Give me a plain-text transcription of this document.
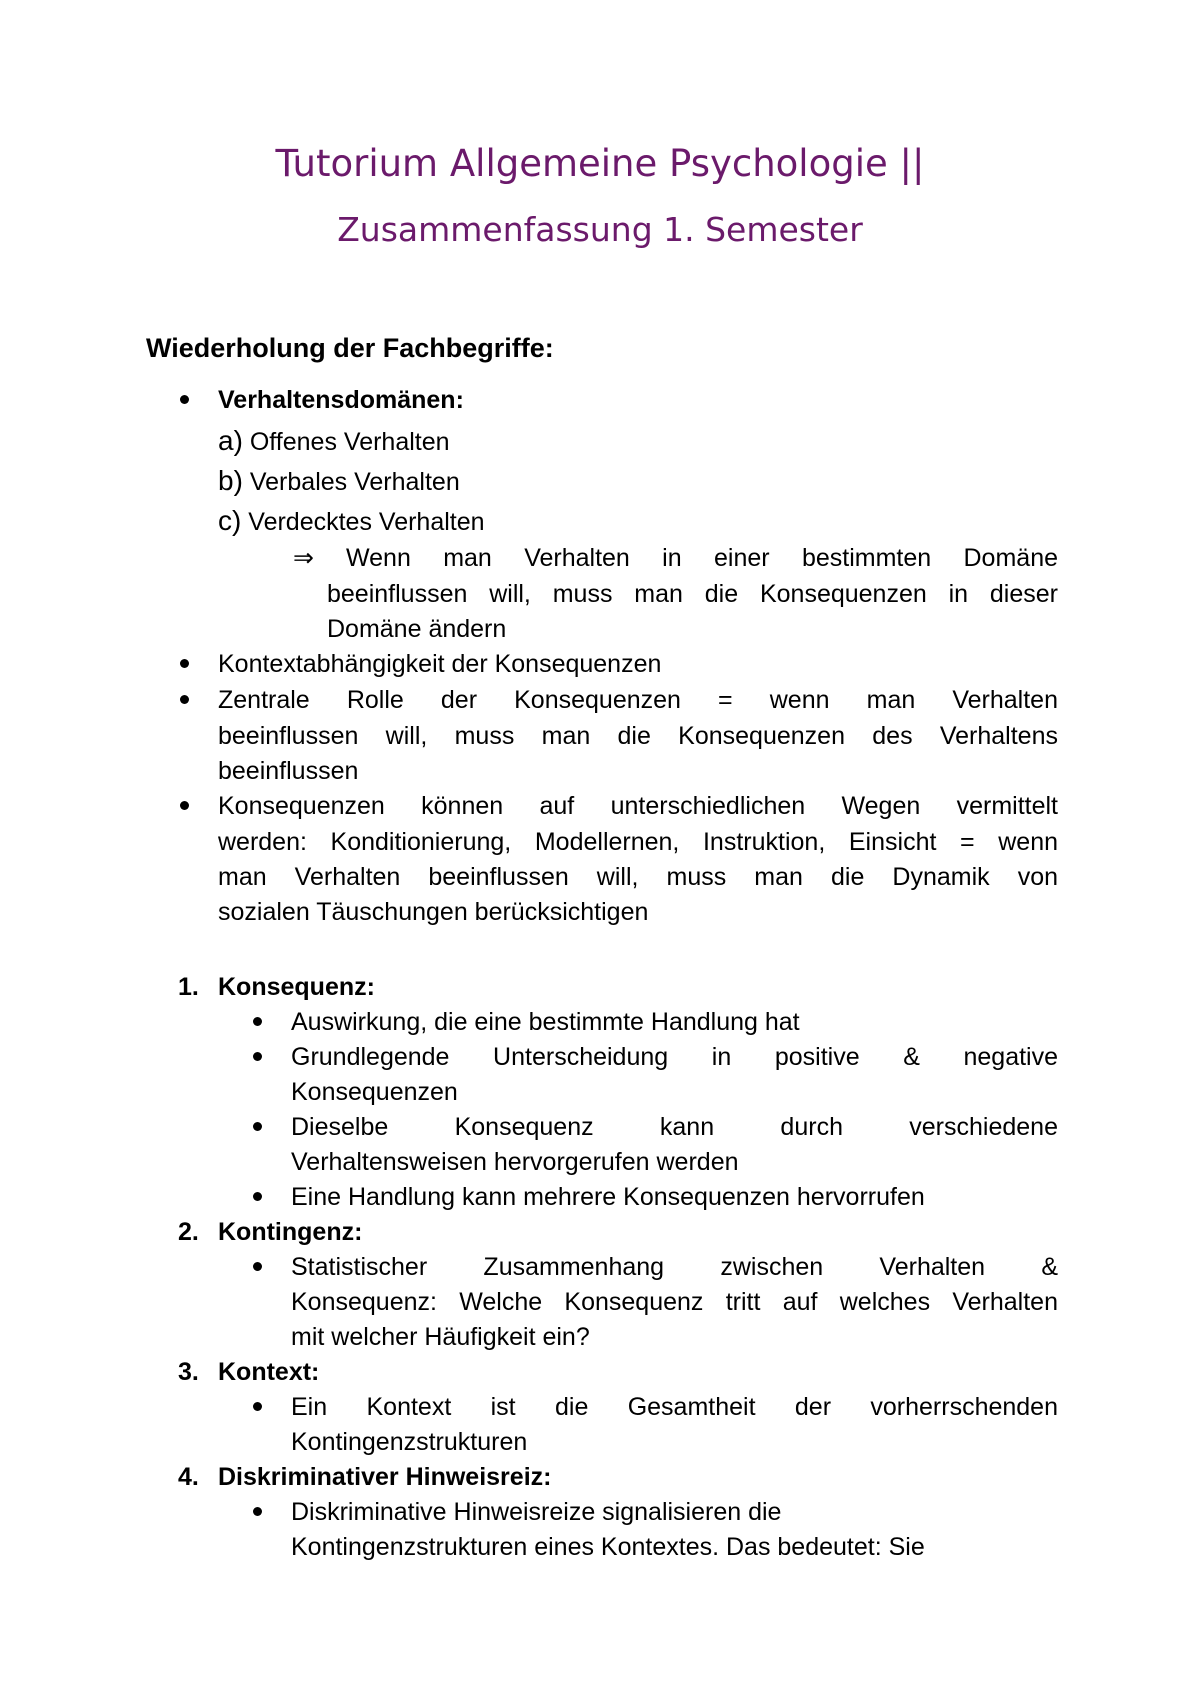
Tutorium Allgemeine Psychologie ||
Zusammenfassung 1. Semester
Wiederholung der Fachbegriffe:
Verhaltensdomänen:
a) Offenes Verhalten
b) Verbales Verhalten
c) Verdecktes Verhalten
⇒ Wenn man Verhalten in einer bestimmten Domäne
beeinflussen will, muss man die Konsequenzen in dieser
Domäne ändern
Kontextabhängigkeit der Konsequenzen
Zentrale Rolle der Konsequenzen = wenn man Verhalten
beeinflussen will, muss man die Konsequenzen des Verhaltens
beeinflussen
Konsequenzen können auf unterschiedlichen Wegen vermittelt
werden: Konditionierung, Modellernen, Instruktion, Einsicht = wenn
man Verhalten beeinflussen will, muss man die Dynamik von
sozialen Täuschungen berücksichtigen
1. Konsequenz:
Auswirkung, die eine bestimmte Handlung hat
Grundlegende Unterscheidung in positive & negative
Konsequenzen
Dieselbe Konsequenz kann durch verschiedene
Verhaltensweisen hervorgerufen werden
Eine Handlung kann mehrere Konsequenzen hervorrufen
2. Kontingenz:
Statistischer Zusammenhang zwischen Verhalten &
Konsequenz: Welche Konsequenz tritt auf welches Verhalten
mit welcher Häufigkeit ein?
3. Kontext:
Ein Kontext ist die Gesamtheit der vorherrschenden
Kontingenzstrukturen
4. Diskriminativer Hinweisreiz:
Diskriminative Hinweisreize signalisieren die
Kontingenzstrukturen eines Kontextes. Das bedeutet: Sie
